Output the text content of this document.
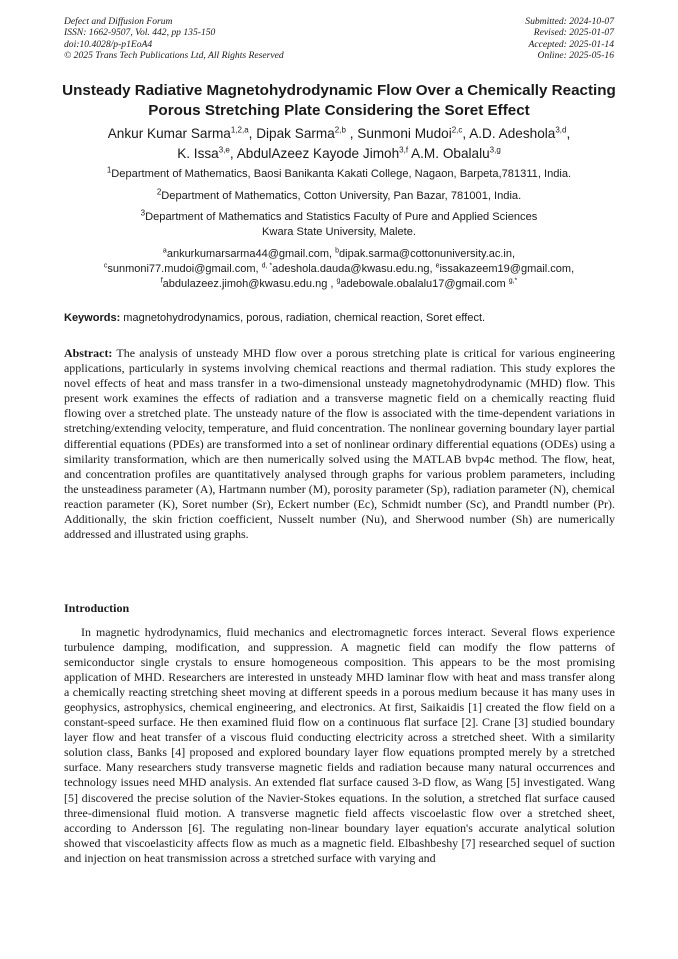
Defect and Diffusion Forum
ISSN: 1662-9507, Vol. 442, pp 135-150
doi:10.4028/p-p1EoA4
© 2025 Trans Tech Publications Ltd, All Rights Reserved
Submitted: 2024-10-07
Revised: 2025-01-07
Accepted: 2025-01-14
Online: 2025-05-16
Unsteady Radiative Magnetohydrodynamic Flow Over a Chemically Reacting Porous Stretching Plate Considering the Soret Effect
Ankur Kumar Sarma$^{1,2,a}$, Dipak Sarma$^{2,b}$ , Sunmoni Mudoi$^{2,c}$, A.D. Adeshola$^{3,d}$,
K. Issa$^{3,e}$, AbdulAzeez Kayode Jimoh$^{3,f}$ A.M. Obalalu$^{3,g}$
$^1$Department of Mathematics, Baosi Banikanta Kakati College, Nagaon, Barpeta,781311, India.
$^2$Department of Mathematics, Cotton University, Pan Bazar, 781001, India.
$^3$Department of Mathematics and Statistics Faculty of Pure and Applied Sciences
Kwara State University, Malete.
$^a$ankurkumarsarma44@gmail.com, $^b$dipak.sarma@cottonuniversity.ac.in,
$^c$sunmoni77.mudoi@gmail.com, $^{d, *}$adeshola.dauda@kwasu.edu.ng, $^e$issakazeem19@gmail.com,
$^f$abdulazeez.jimoh@kwasu.edu.ng , $^g$adebowale.obalalu17@gmail.com $^{g,*}$
Keywords: magnetohydrodynamics, porous, radiation, chemical reaction, Soret effect.

Abstract: The analysis of unsteady MHD flow over a porous stretching plate is critical for various engineering applications, particularly in systems involving chemical reactions and thermal radiation. This study explores the novel effects of heat and mass transfer in a two-dimensional unsteady magnetohydrodynamic (MHD) flow. This present work examines the effects of radiation and a transverse magnetic field on a chemically reacting fluid flowing over a stretched plate. The unsteady nature of the flow is associated with the time-dependent variations in stretching/extending velocity, temperature, and fluid concentration. The nonlinear governing boundary layer partial differential equations (PDEs) are transformed into a set of nonlinear ordinary differential equations (ODEs) using a similarity transformation, which are then numerically solved using the MATLAB bvp4c method. The flow, heat, and concentration profiles are quantitatively analysed through graphs for various problem parameters, including the unsteadiness parameter (A), Hartmann number (M), porosity parameter (Sp), radiation parameter (N), chemical reaction parameter (K), Soret number (Sr), Eckert number (Ec), Schmidt number (Sc), and Prandtl number (Pr). Additionally, the skin friction coefficient, Nusselt number (Nu), and Sherwood number (Sh) are numerically addressed and illustrated using graphs.

Introduction

In magnetic hydrodynamics, fluid mechanics and electromagnetic forces interact. Several flows experience turbulence damping, modification, and suppression. A magnetic field can modify the flow patterns of semiconductor single crystals to ensure homogeneous composition. This appears to be the most promising application of MHD. Researchers are interested in unsteady MHD laminar flow with heat and mass transfer along a chemically reacting stretching sheet moving at different speeds in a porous medium because it has many uses in geophysics, astrophysics, chemical engineering, and electronics. At first, Saikaidis [1] created the flow field on a constant-speed surface. He then examined fluid flow on a continuous flat surface [2]. Crane [3] studied boundary layer flow and heat transfer of a viscous fluid conducting electricity across a stretched sheet. With a similarity solution class, Banks [4] proposed and explored boundary layer flow equations prompted merely by a stretched surface. Many researchers study transverse magnetic fields and radiation because many natural occurrences and technology issues need MHD analysis. An extended flat surface caused 3-D flow, as Wang [5] investigated. Wang [5] discovered the precise solution of the Navier-Stokes equations. In the solution, a stretched flat surface caused three-dimensional fluid motion. A transverse magnetic field affects viscoelastic flow over a stretched sheet, according to Andersson [6]. The regulating non-linear boundary layer equation's accurate analytical solution showed that viscoelasticity affects flow as much as a magnetic field. Elbashbeshy [7] researched sequel of suction and injection on heat transmission across a stretched surface with varying and
